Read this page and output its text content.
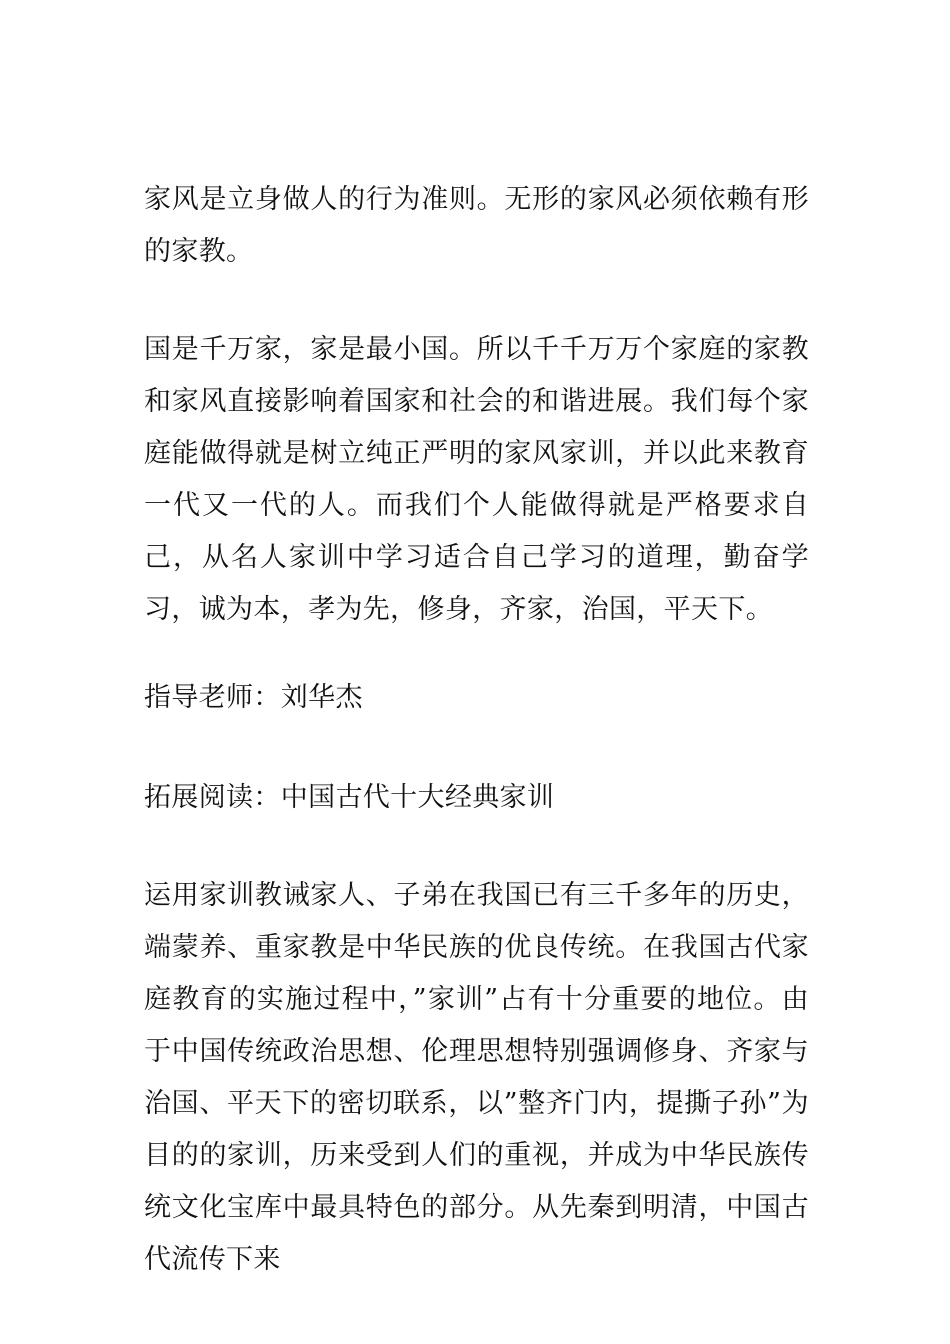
家风是立身做人的行为准则。无形的家风必须依赖有形的家教。

国是千万家，家是最小国。所以千千万万个家庭的家教和家风直接影响着国家和社会的和谐进展。我们每个家庭能做得就是树立纯正严明的家风家训，并以此来教育一代又一代的人。而我们个人能做得就是严格要求自己，从名人家训中学习适合自己学习的道理，勤奋学习，诚为本，孝为先，修身，齐家，治国，平天下。

指导老师：刘华杰

拓展阅读：中国古代十大经典家训

运用家训教诫家人、子弟在我国已有三千多年的历史，端蒙养、重家教是中华民族的优良传统。在我国古代家庭教育的实施过程中，”家训”占有十分重要的地位。由于中国传统政治思想、伦理思想特别强调修身、齐家与治国、平天下的密切联系，以”整齐门内，提撕子孙”为目的的家训，历来受到人们的重视，并成为中华民族传统文化宝库中最具特色的部分。从先秦到明清，中国古代流传下来
